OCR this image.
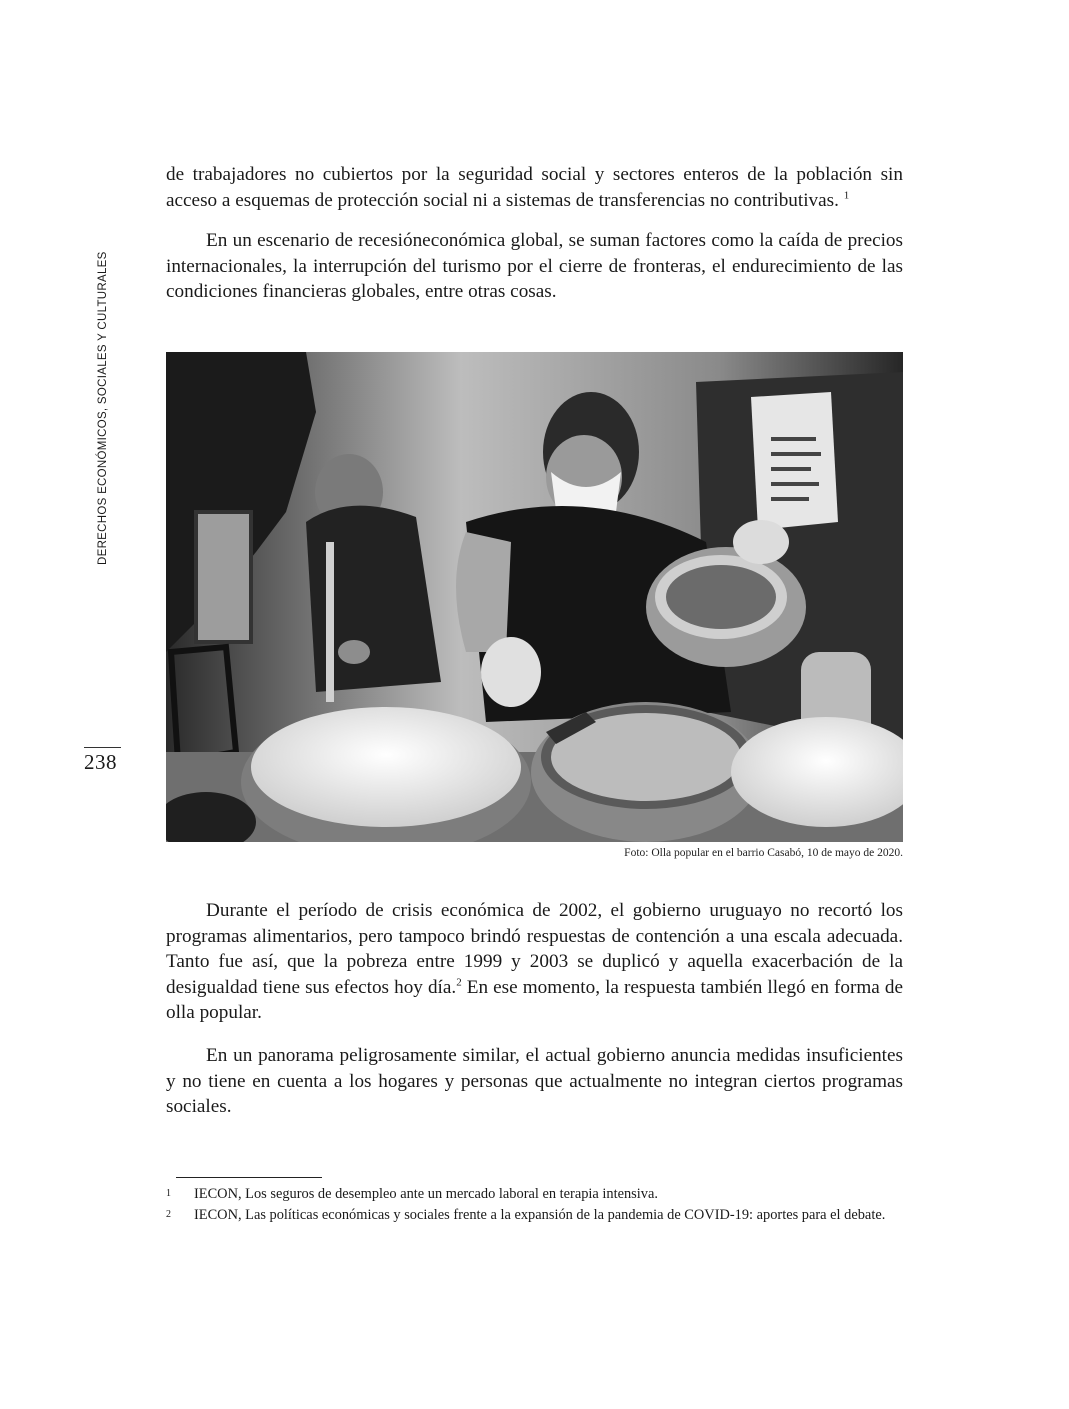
DERECHOS ECONÓMICOS, SOCIALES Y CULTURALES
238

de trabajadores no cubiertos por la seguridad social y sectores enteros de la población sin acceso a esquemas de protección social ni a sistemas de transferencias no contributivas. $^1$

En un escenario de recesióneconómica global, se suman factores como la caída de precios internacionales, la interrupción del turismo por el cierre de fronteras, el endurecimiento de las condiciones financieras globales, entre otras cosas.

Foto: Olla popular en el barrio Casabó, 10 de mayo de 2020.

Durante el período de crisis económica de 2002, el gobierno uruguayo no recortó los programas alimentarios, pero tampoco brindó respuestas de contención a una escala adecuada. Tanto fue así, que la pobreza entre 1999 y 2003 se duplicó y aquella exacerbación de la desigualdad tiene sus efectos hoy día.$^2$ En ese momento, la respuesta también llegó en forma de olla popular.

En un panorama peligrosamente similar, el actual gobierno anuncia medidas insuficientes y no tiene en cuenta a los hogares y personas que actualmente no integran ciertos programas sociales.

1 IECON, Los seguros de desempleo ante un mercado laboral en terapia intensiva.

2 IECON, Las políticas económicas y sociales frente a la expansión de la pandemia de COVID-19: aportes para el debate.
